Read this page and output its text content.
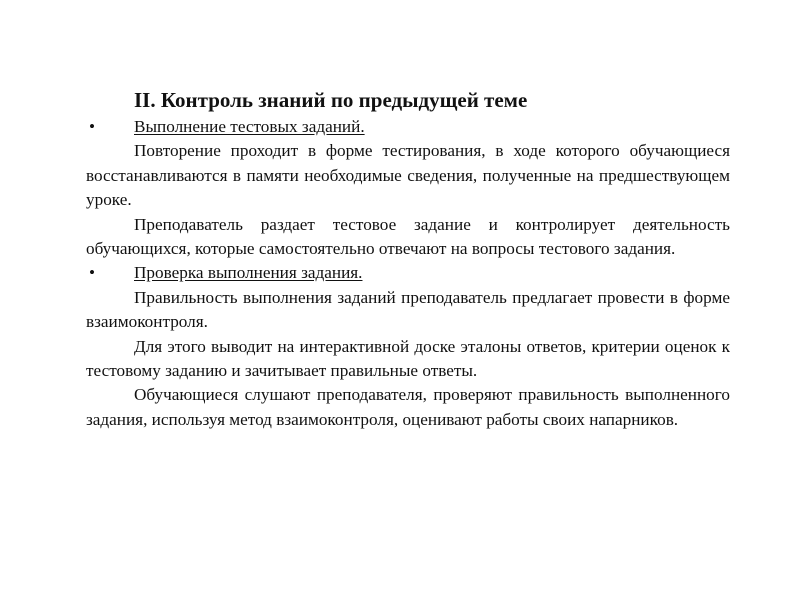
II. Контроль знаний по предыдущей теме
• Выполнение тестовых заданий.

Повторение проходит в форме тестирования, в ходе которого обучающиеся восстанавливаются в памяти необходимые сведения, полученные на предшествующем уроке.

Преподаватель раздает тестовое задание и контролирует деятельность обучающихся, которые самостоятельно отвечают на вопросы тестового задания.

• Проверка выполнения задания.

Правильность выполнения заданий преподаватель предлагает провести в форме взаимоконтроля.

Для этого выводит на интерактивной доске эталоны ответов, критерии оценок к тестовому заданию и зачитывает правильные ответы.

Обучающиеся слушают преподавателя, проверяют правильность выполненного задания, используя метод взаимоконтроля, оценивают работы своих напарников.
